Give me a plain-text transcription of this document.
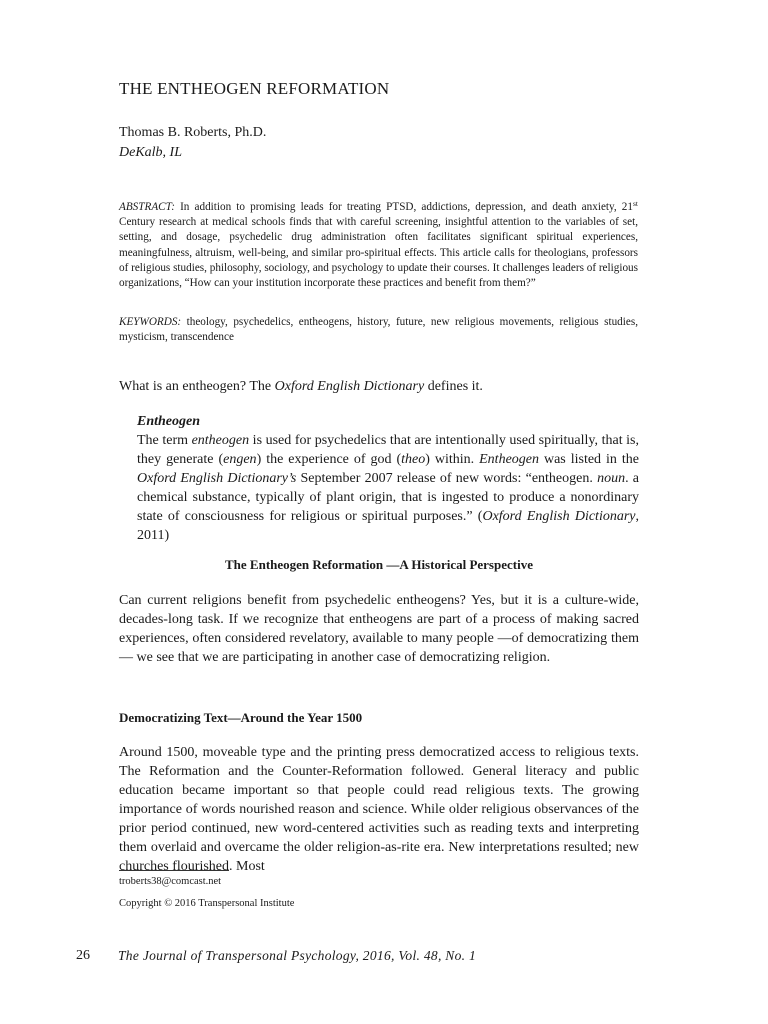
THE ENTHEOGEN REFORMATION
Thomas B. Roberts, Ph.D.
DeKalb, IL
ABSTRACT: In addition to promising leads for treating PTSD, addictions, depression, and death anxiety, 21st Century research at medical schools finds that with careful screening, insightful attention to the variables of set, setting, and dosage, psychedelic drug administration often facilitates significant spiritual experiences, meaningfulness, altruism, well-being, and similar pro-spiritual effects. This article calls for theologians, professors of religious studies, philosophy, sociology, and psychology to update their courses. It challenges leaders of religious organizations, “How can your institution incorporate these practices and benefit from them?”
KEYWORDS: theology, psychedelics, entheogens, history, future, new religious movements, religious studies, mysticism, transcendence
What is an entheogen? The Oxford English Dictionary defines it.
Entheogen
The term entheogen is used for psychedelics that are intentionally used spiritually, that is, they generate (engen) the experience of god (theo) within. Entheogen was listed in the Oxford English Dictionary’s September 2007 release of new words: “entheogen. noun. a chemical substance, typically of plant origin, that is ingested to produce a nonordinary state of consciousness for religious or spiritual purposes.” (Oxford English Dictionary, 2011)
The Entheogen Reformation —A Historical Perspective
Can current religions benefit from psychedelic entheogens? Yes, but it is a culture-wide, decades-long task. If we recognize that entheogens are part of a process of making sacred experiences, often considered revelatory, available to many people —of democratizing them— we see that we are participating in another case of democratizing religion.
Democratizing Text—Around the Year 1500
Around 1500, moveable type and the printing press democratized access to religious texts. The Reformation and the Counter-Reformation followed. General literacy and public education became important so that people could read religious texts. The growing importance of words nourished reason and science. While older religious observances of the prior period continued, new word-centered activities such as reading texts and interpreting them overlaid and overcame the older religion-as-rite era. New interpretations resulted; new churches flourished. Most
troberts38@comcast.net
Copyright © 2016 Transpersonal Institute
26 The Journal of Transpersonal Psychology, 2016, Vol. 48, No. 1
